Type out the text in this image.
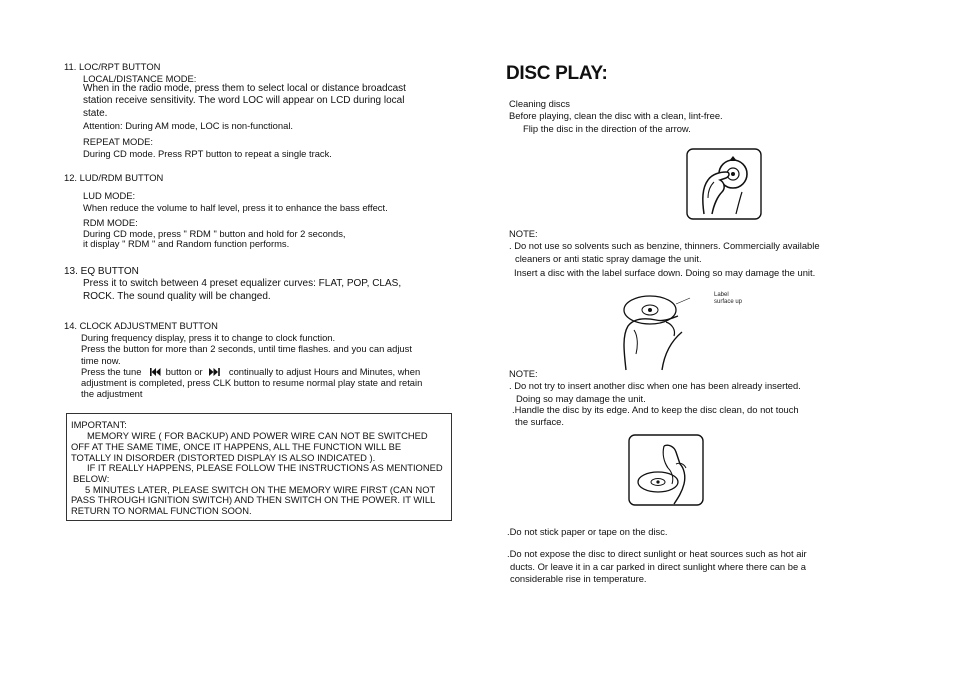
11. LOC/RPT BUTTON
LOCAL/DISTANCE MODE:
When in the radio mode, press them to select local or distance broadcast
station receive sensitivity. The word LOC will appear on LCD during local
state.
Attention: During AM mode, LOC is non-functional.
REPEAT MODE:
During CD mode. Press RPT button to repeat a single track.
12. LUD/RDM BUTTON
LUD MODE:
When reduce the volume to half level, press it to enhance the bass effect.
RDM MODE:
During CD mode, press " RDM " button and hold for 2 seconds,
it display " RDM " and Random function performs.
13. EQ BUTTON
Press it to switch between 4 preset equalizer curves: FLAT, POP, CLAS,
ROCK. The sound quality will be changed.
14. CLOCK ADJUSTMENT BUTTON
During frequency display, press it to change to clock function.
Press the button for more than 2 seconds, until time flashes. and you can adjust
time now.
Press the tune	button or	continually to adjust Hours and Minutes, when
adjustment is completed, press CLK button to resume normal play state and retain
the adjustment
IMPORTANT:
MEMORY WIRE ( FOR BACKUP) AND POWER WIRE CAN NOT BE SWITCHED
OFF AT THE SAME TIME, ONCE IT HAPPENS, ALL THE FUNCTION WILL BE
TOTALLY IN DISORDER (DISTORTED DISPLAY IS ALSO INDICATED ).
IF IT REALLY HAPPENS, PLEASE FOLLOW THE INSTRUCTIONS AS MENTIONED
BELOW:
5 MINUTES LATER, PLEASE SWITCH ON THE MEMORY WIRE FIRST (CAN NOT
PASS THROUGH IGNITION SWITCH) AND THEN SWITCH ON THE POWER. IT WILL
RETURN TO NORMAL FUNCTION SOON.
DISC PLAY:
Cleaning discs
Before playing, clean the disc with a clean, lint-free.
Flip the disc in the direction of the arrow.
NOTE:
. Do not use so solvents such as benzine, thinners. Commercially available
cleaners or anti static spray damage the unit.
Insert a disc with the label surface down. Doing so may damage the unit.
Label
surface up
NOTE:
. Do not try to insert another disc when one has been already inserted.
Doing so may damage the unit.
.Handle the disc by its edge. And to keep the disc clean, do not touch
the surface.
.Do not stick paper or tape on the disc.
.Do not expose the disc to direct sunlight or heat sources such as hot air
ducts. Or leave it in a car parked in direct sunlight where there can be a
considerable rise in temperature.
